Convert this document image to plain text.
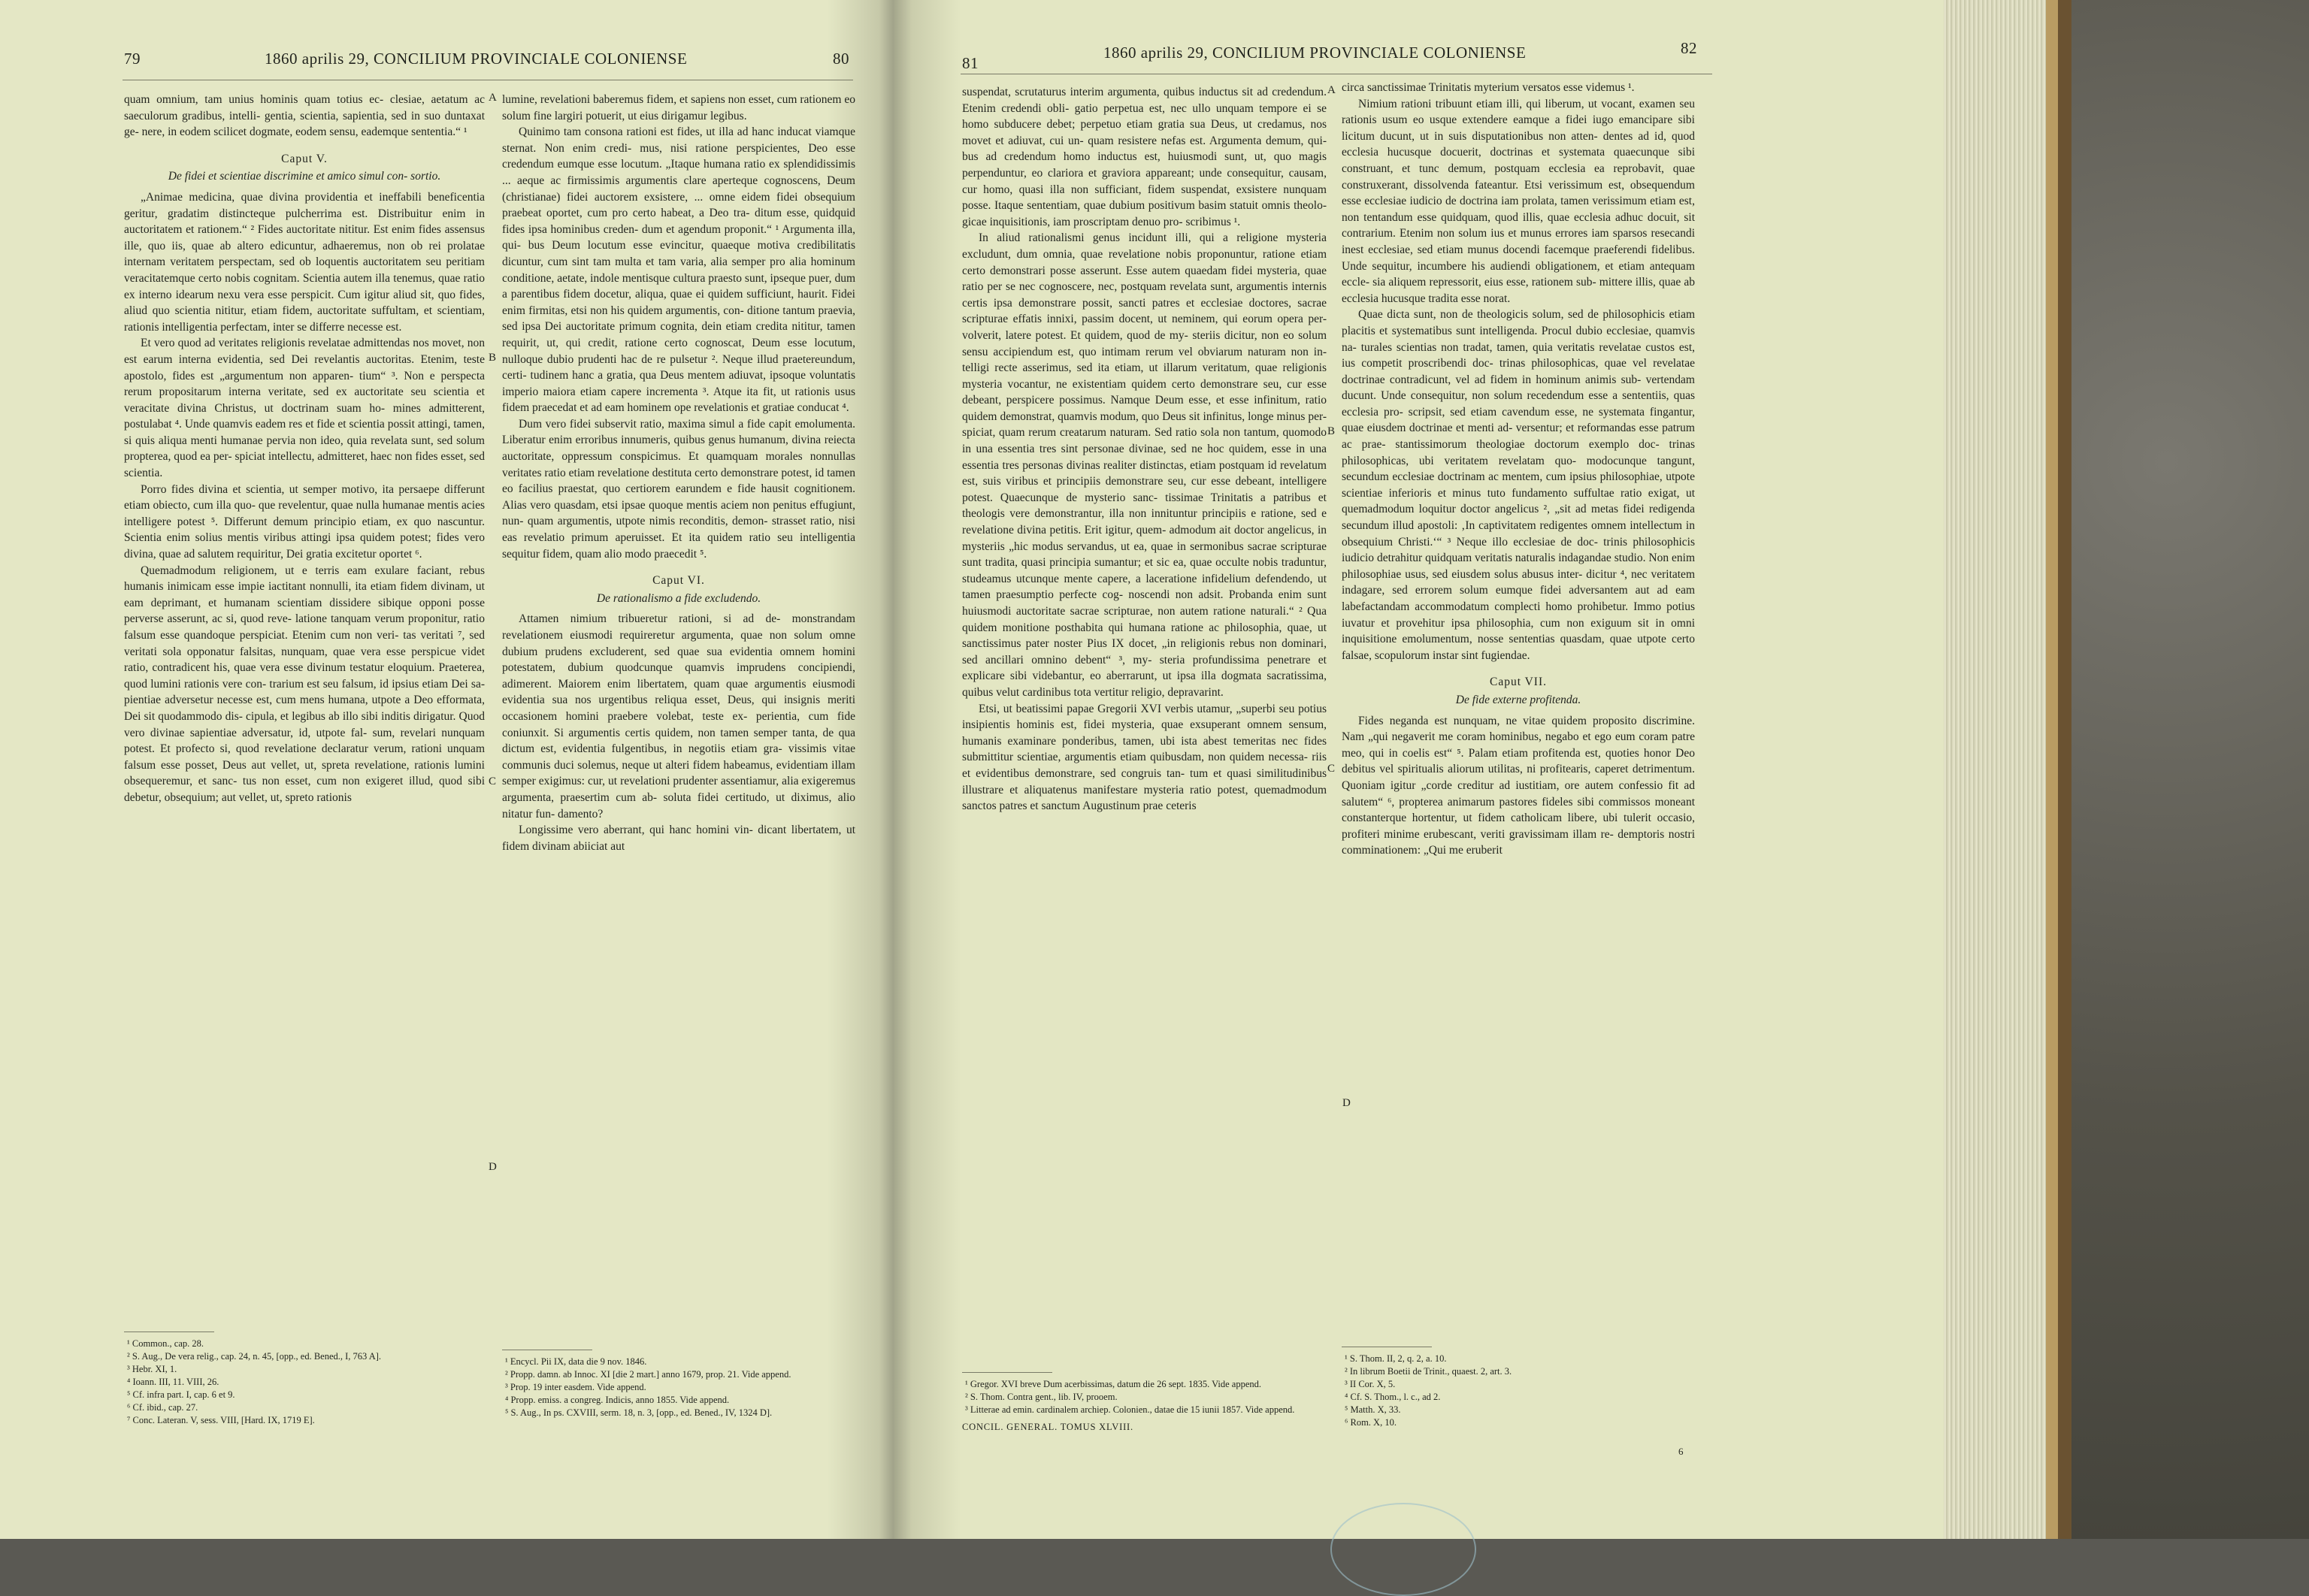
79	1860 aprilis 29, CONCILIUM PROVINCIALE COLONIENSE	80

quam omnium, tam unius hominis quam totius ec- clesiae, aetatum ac saeculorum gradibus, intelli- gentia, scientia, sapientia, sed in suo duntaxat ge- nere, in eodem scilicet dogmate, eodem sensu, eademque sententia.“ ¹

Caput V.

De fidei et scientiae discrimine et amico simul con- sortio.

„Animae medicina, quae divina providentia et ineffabili beneficentia geritur, gradatim distincteque pulcherrima est. Distribuitur enim in auctoritatem et rationem.“ ² Fides auctoritate nititur. Est enim fides assensus ille, quo iis, quae ab altero edicuntur, adhaeremus, non ob rei prolatae internam veritatem perspectam, sed ob loquentis auctoritatem seu peritiam veracitatemque certo nobis cognitam. Scientia autem illa tenemus, quae ratio ex interno idearum nexu vera esse perspicit. Cum igitur aliud sit, quo fides, aliud quo scientia nititur, etiam fidem, auctoritate suffultam, et scientiam, rationis intelligentia perfectam, inter se differre necesse est.

Et vero quod ad veritates religionis revelatae admittendas nos movet, non est earum interna evidentia, sed Dei revelantis auctoritas. Etenim, teste apostolo, fides est „argumentum non apparen- tium“ ³. Non e perspecta rerum propositarum interna veritate, sed ex auctoritate seu scientia et veracitate divina Christus, ut doctrinam suam ho- mines admitterent, postulabat ⁴. Unde quamvis eadem res et fide et scientia possit attingi, tamen, si quis aliqua menti humanae pervia non ideo, quia revelata sunt, sed solum propterea, quod ea per- spiciat intellectu, admitteret, haec non fides esset, sed scientia.

Porro fides divina et scientia, ut semper motivo, ita persaepe differunt etiam obiecto, cum illa quo- que revelentur, quae nulla humanae mentis acies intelligere potest ⁵. Differunt demum principio etiam, ex quo nascuntur. Scientia enim solius mentis viribus attingi ipsa quidem potest; fides vero divina, quae ad salutem requiritur, Dei gratia excitetur oportet ⁶.

Quemadmodum religionem, ut e terris eam exulare faciant, rebus humanis inimicam esse impie iactitant nonnulli, ita etiam fidem divinam, ut eam deprimant, et humanam scientiam dissidere sibique opponi posse perverse asserunt, ac si, quod reve- latione tanquam verum proponitur, ratio falsum esse quandoque perspiciat. Etenim cum non veri- tas veritati ⁷, sed veritati sola opponatur falsitas, nunquam, quae vera esse perspicue videt ratio, contradicent his, quae vera esse divinum testatur eloquium. Praeterea, quod lumini rationis vere con- trarium est seu falsum, id ipsius etiam Dei sa- pientiae adversetur necesse est, cum mens humana, utpote a Deo efformata, Dei sit quodammodo dis- cipula, et legibus ab illo sibi inditis dirigatur. Quod vero divinae sapientiae adversatur, id, utpote fal- sum, revelari nunquam potest. Et profecto si, quod revelatione declaratur verum, rationi unquam falsum esse posset, Deus aut vellet, ut, spreta revelatione, rationis lumini obsequeremur, et sanc- tus non esset, cum non exigeret illud, quod sibi debetur, obsequium; aut vellet, ut, spreto rationis

¹ Common., cap. 28.

² S. Aug., De vera relig., cap. 24, n. 45, [opp., ed. Bened., I, 763 A].

³ Hebr. XI, 1.

⁴ Ioann. III, 11. VIII, 26.

⁵ Cf. infra part. I, cap. 6 et 9.

⁶ Cf. ibid., cap. 27.

⁷ Conc. Lateran. V, sess. VIII, [Hard. IX, 1719 E].

A
B
C
D

lumine, revelationi baberemus fidem, et sapiens non esset, cum rationem eo solum fine largiri potuerit, ut eius dirigamur legibus.

Quinimo tam consona rationi est fides, ut illa ad hanc inducat viamque sternat. Non enim credi- mus, nisi ratione perspicientes, Deo esse credendum eumque esse locutum. „Itaque humana ratio ex splendidissimis ... aeque ac firmissimis argumentis clare aperteque cognoscens, Deum (christianae) fidei auctorem exsistere, ... omne eidem fidei obsequium praebeat oportet, cum pro certo habeat, a Deo tra- ditum esse, quidquid fides ipsa hominibus creden- dum et agendum proponit.“ ¹ Argumenta illa, qui- bus Deum locutum esse evincitur, quaeque motiva credibilitatis dicuntur, cum sint tam multa et tam varia, alia semper pro alia hominum conditione, aetate, indole mentisque cultura praesto sunt, ipseque puer, dum a parentibus fidem docetur, aliqua, quae ei quidem sufficiunt, haurit. Fidei enim firmitas, etsi non his quidem argumentis, con- ditione tantum praevia, sed ipsa Dei auctoritate primum cognita, dein etiam credita nititur, tamen requirit, ut, qui credit, ratione certo cognoscat, Deum esse locutum, nulloque dubio prudenti hac de re pulsetur ². Neque illud praetereundum, certi- tudinem hanc a gratia, qua Deus mentem adiuvat, ipsoque voluntatis imperio maiora etiam capere incrementa ³. Atque ita fit, ut rationis usus fidem praecedat et ad eam hominem ope revelationis et gratiae conducat ⁴.

Dum vero fidei subservit ratio, maxima simul a fide capit emolumenta. Liberatur enim erroribus innumeris, quibus genus humanum, divina reiecta auctoritate, oppressum conspicimus. Et quamquam morales nonnullas veritates ratio etiam revelatione destituta certo demonstrare potest, id tamen eo facilius praestat, quo certiorem earundem e fide hausit cognitionem. Alias vero quasdam, etsi ipsae quoque mentis aciem non penitus effugiunt, nun- quam argumentis, utpote nimis reconditis, demon- strasset ratio, nisi eas revelatio primum aperuisset. Et ita quidem ratio seu intelligentia sequitur fidem, quam alio modo praecedit ⁵.

Caput VI.

De rationalismo a fide excludendo.

Attamen nimium tribueretur rationi, si ad de- monstrandam revelationem eiusmodi requireretur argumenta, quae non solum omne dubium prudens excluderent, sed quae sua evidentia omnem homini potestatem, dubium quodcunque quamvis imprudens concipiendi, adimerent. Maiorem enim libertatem, quam quae argumentis eiusmodi evidentia sua nos urgentibus reliqua esset, Deus, qui insignis meriti occasionem homini praebere volebat, teste ex- perientia, cum fide coniunxit. Si argumentis certis quidem, non tamen semper tanta, de qua dictum est, evidentia fulgentibus, in negotiis etiam gra- vissimis vitae communis duci solemus, neque ut alteri fidem habeamus, evidentiam illam semper exigimus: cur, ut revelationi prudenter assentiamur, alia exigeremus argumenta, praesertim cum ab- soluta fidei certitudo, ut diximus, alio nitatur fun- damento?

Longissime vero aberrant, qui hanc homini vin- dicant libertatem, ut fidem divinam abiiciat aut

¹ Encycl. Pii IX, data die 9 nov. 1846.

² Propp. damn. ab Innoc. XI [die 2 mart.] anno 1679, prop. 21. Vide append.

³ Prop. 19 inter easdem. Vide append.

⁴ Propp. emiss. a congreg. Indicis, anno 1855. Vide append.

⁵ S. Aug., In ps. CXVIII, serm. 18, n. 3, [opp., ed. Bened., IV, 1324 D].

81
1860 aprilis 29, CONCILIUM PROVINCIALE COLONIENSE	82

suspendat, scrutaturus interim argumenta, quibus inductus sit ad credendum. Etenim credendi obli- gatio perpetua est, nec ullo unquam tempore ei se homo subducere debet; perpetuo etiam gratia sua Deus, ut credamus, nos movet et adiuvat, cui un- quam resistere nefas est. Argumenta demum, qui- bus ad credendum homo inductus est, huiusmodi sunt, ut, quo magis perpenduntur, eo clariora et graviora appareant; unde consequitur, causam, cur homo, quasi illa non sufficiant, fidem suspendat, exsistere nunquam posse. Itaque sententiam, quae dubium positivum basim statuit omnis theolo- gicae inquisitionis, iam proscriptam denuo pro- scribimus ¹.

In aliud rationalismi genus incidunt illi, qui a religione mysteria excludunt, dum omnia, quae revelatione nobis proponuntur, ratione etiam certo demonstrari posse asserunt. Esse autem quaedam fidei mysteria, quae ratio per se nec cognoscere, nec, postquam revelata sunt, argumentis internis certis ipsa demonstrare possit, sancti patres et ecclesiae doctores, sacrae scripturae effatis innixi, passim docent, ut neminem, qui eorum opera per- volverit, latere potest. Et quidem, quod de my- steriis dicitur, non eo solum sensu accipiendum est, quo intimam rerum vel obviarum naturam non in- telligi recte asserimus, sed ita etiam, ut illarum veritatum, quae religionis mysteria vocantur, ne existentiam quidem certo demonstrare seu, cur esse debeant, perspicere possimus. Namque Deum esse, et esse infinitum, ratio quidem demonstrat, quamvis modum, quo Deus sit infinitus, longe minus per- spiciat, quam rerum creatarum naturam. Sed ratio sola non tantum, quomodo in una essentia tres sint personae divinae, sed ne hoc quidem, esse in una essentia tres personas divinas realiter distinctas, etiam postquam id revelatum est, suis viribus et principiis demonstrare seu, cur esse debeant, intelligere potest. Quaecunque de mysterio sanc- tissimae Trinitatis a patribus et theologis vere demonstrantur, illa non innituntur principiis e ratione, sed e revelatione divina petitis. Erit igitur, quem- admodum ait doctor angelicus, in mysteriis „hic modus servandus, ut ea, quae in sermonibus sacrae scripturae sunt tradita, quasi principia sumantur; et sic ea, quae occulte nobis traduntur, studeamus utcunque mente capere, a laceratione infidelium defendendo, ut tamen praesumptio perfecte cog- noscendi non adsit. Probanda enim sunt huiusmodi auctoritate sacrae scripturae, non autem ratione naturali.“ ² Qua quidem monitione posthabita qui humana ratione ac philosophia, quae, ut sanctissimus pater noster Pius IX docet, „in religionis rebus non dominari, sed ancillari omnino debent“ ³, my- steria profundissima penetrare et explicare sibi videbantur, eo aberrarunt, ut ipsa illa dogmata sacratissima, quibus velut cardinibus tota vertitur religio, depravarint.

Etsi, ut beatissimi papae Gregorii XVI verbis utamur, „superbi seu potius insipientis hominis est, fidei mysteria, quae exsuperant omnem sensum, humanis examinare ponderibus, tamen, ubi ista abest temeritas nec fides submittitur scientiae, argumentis etiam quibusdam, non quidem necessa- riis et evidentibus demonstrare, sed congruis tan- tum et quasi similitudinibus illustrare et aliquatenus manifestare mysteria ratio potest, quemadmodum sanctos patres et sanctum Augustinum prae ceteris

¹ Gregor. XVI breve Dum acerbissimas, datum die 26 sept. 1835. Vide append.

² S. Thom. Contra gent., lib. IV, prooem.

³ Litterae ad emin. cardinalem archiep. Colonien., datae die 15 iunii 1857. Vide append.

CONCIL. GENERAL. TOMUS XLVIII.

A
B
C
D

circa sanctissimae Trinitatis myterium versatos esse videmus ¹.

Nimium rationi tribuunt etiam illi, qui liberum, ut vocant, examen seu rationis usum eo usque extendere eamque a fidei iugo emancipare sibi licitum ducunt, ut in suis disputationibus non atten- dentes ad id, quod ecclesia hucusque docuerit, doctrinas et systemata quaecunque sibi construant, et tunc demum, postquam ecclesia ea reprobavit, quae construxerant, dissolvenda fateantur. Etsi verissimum est, obsequendum esse ecclesiae iudicio de doctrina iam prolata, tamen verissimum etiam est, non tentandum esse quidquam, quod illis, quae ecclesia adhuc docuit, sit contrarium. Etenim non solum ius et munus errores iam sparsos resecandi inest ecclesiae, sed etiam munus docendi facemque praeferendi fidelibus. Unde sequitur, incumbere his audiendi obligationem, et etiam antequam eccle- sia aliquem repressorit, eius esse, rationem sub- mittere illis, quae ab ecclesia hucusque tradita esse norat.

Quae dicta sunt, non de theologicis solum, sed de philosophicis etiam placitis et systematibus sunt intelligenda. Procul dubio ecclesiae, quamvis na- turales scientias non tradat, tamen, quia veritatis revelatae custos est, ius competit proscribendi doc- trinas philosophicas, quae vel revelatae doctrinae contradicunt, vel ad fidem in hominum animis sub- vertendam ducunt. Unde consequitur, non solum recedendum esse a sententiis, quas ecclesia pro- scripsit, sed etiam cavendum esse, ne systemata fingantur, quae eiusdem doctrinae et menti ad- versentur; et reformandas esse patrum ac prae- stantissimorum theologiae doctorum exemplo doc- trinas philosophicas, ubi veritatem revelatam quo- modocunque tangunt, secundum ecclesiae doctrinam ac mentem, cum ipsius philosophiae, utpote scientiae inferioris et minus tuto fundamento suffultae ratio exigat, ut quemadmodum loquitur doctor angelicus ², „sit ad metas fidei redigenda secundum illud apostoli: ‚In captivitatem redigentes omnem intellectum in obsequium Christi.‘“ ³ Neque illo ecclesiae de doc- trinis philosophicis iudicio detrahitur quidquam veritatis naturalis indagandae studio. Non enim philosophiae usus, sed eiusdem solus abusus inter- dicitur ⁴, nec veritatem indagare, sed errorem solum eumque fidei adversantem aut ad eam labefactandam accommodatum complecti homo prohibetur. Immo potius iuvatur et provehitur ipsa philosophia, cum non exiguum sit in omni inquisitione emolumentum, nosse sententias quasdam, quae utpote certo falsae, scopulorum instar sint fugiendae.

Caput VII.

De fide externe profitenda.

Fides neganda est nunquam, ne vitae quidem proposito discrimine. Nam „qui negaverit me coram hominibus, negabo et ego eum coram patre meo, qui in coelis est“ ⁵. Palam etiam profitenda est, quoties honor Deo debitus vel spiritualis aliorum utilitas, ni profitearis, caperet detrimentum. Quoniam igitur „corde creditur ad iustitiam, ore autem confessio fit ad salutem“ ⁶, propterea animarum pastores fideles sibi commissos moneant constanterque hortentur, ut fidem catholicam libere, ubi tulerit occasio, profiteri minime erubescant, veriti gravissimam illam re- demptoris nostri comminationem: „Qui me eruberit

¹ S. Thom. II, 2, q. 2, a. 10.

² In librum Boetii de Trinit., quaest. 2, art. 3.

³ II Cor. X, 5.

⁴ Cf. S. Thom., l. c., ad 2.

⁵ Matth. X, 33.

⁶ Rom. X, 10.

6
